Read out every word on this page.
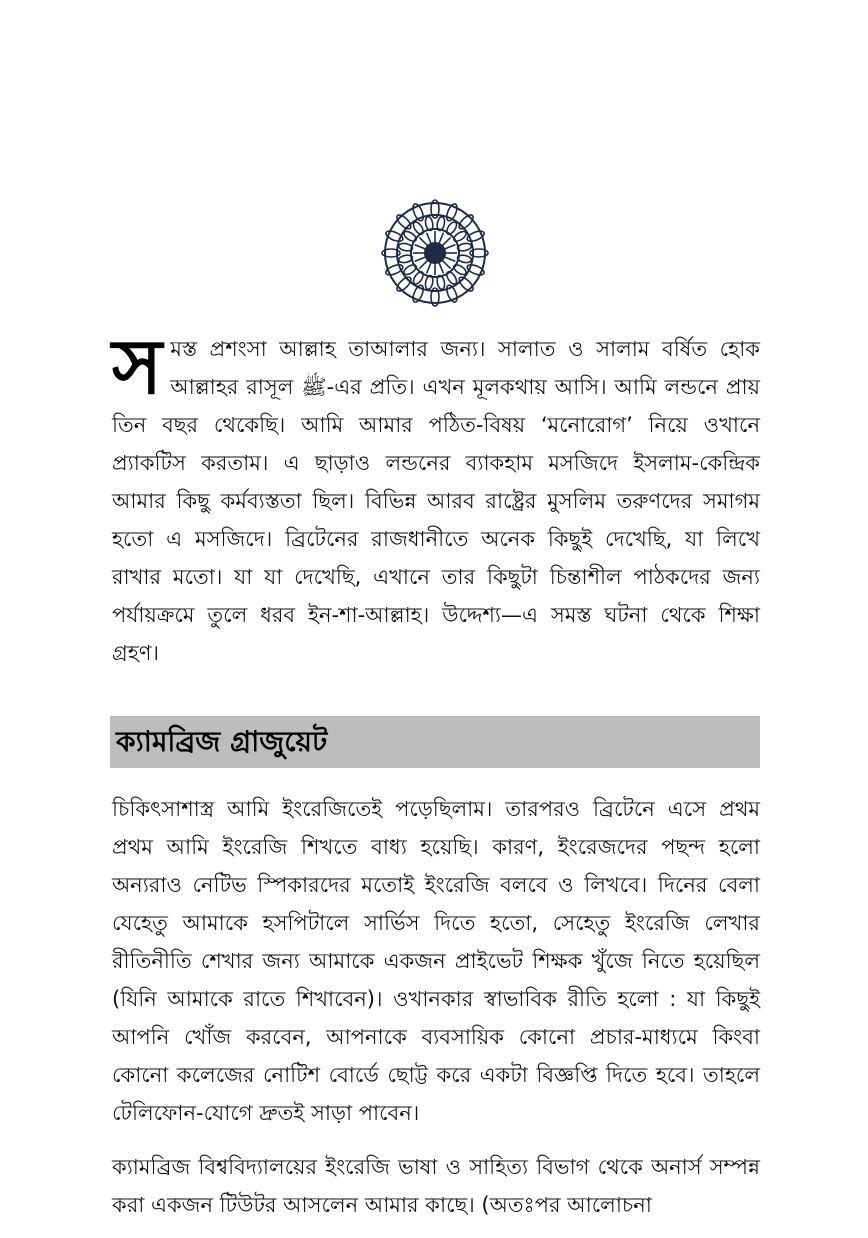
স মস্ত প্রশংসা আল্লাহ তাআলার জন্য। সালাত ও সালাম বর্ষিত হোক আল্লাহর রাসূল ﷺ-এর প্রতি। এখন মূলকথায় আসি। আমি লন্ডনে প্রায় তিন বছর থেকেছি। আমি আমার পঠিত-বিষয় ‘মনোরোগ’ নিয়ে ওখানে প্র্যাকটিস করতাম। এ ছাড়াও লন্ডনের ব্যাকহাম মসজিদে ইসলাম-কেন্দ্রিক আমার কিছু কর্মব্যস্ততা ছিল। বিভিন্ন আরব রাষ্ট্রের মুসলিম তরুণদের সমাগম হতো এ মসজিদে। ব্রিটেনের রাজধানীতে অনেক কিছুই দেখেছি, যা লিখে রাখার মতো। যা যা দেখেছি, এখানে তার কিছুটা চিন্তাশীল পাঠকদের জন্য পর্যায়ক্রমে তুলে ধরব ইন-শা-আল্লাহ। উদ্দেশ্য—এ সমস্ত ঘটনা থেকে শিক্ষা গ্রহণ।

ক্যামব্রিজ গ্রাজুয়েট

চিকিৎসাশাস্ত্র আমি ইংরেজিতেই পড়েছিলাম। তারপরও ব্রিটেনে এসে প্রথম প্রথম আমি ইংরেজি শিখতে বাধ্য হয়েছি। কারণ, ইংরেজদের পছন্দ হলো অন্যরাও নেটিভ স্পিকারদের মতোই ইংরেজি বলবে ও লিখবে। দিনের বেলা যেহেতু আমাকে হসপিটালে সার্ভিস দিতে হতো, সেহেতু ইংরেজি লেখার রীতিনীতি শেখার জন্য আমাকে একজন প্রাইভেট শিক্ষক খুঁজে নিতে হয়েছিল (যিনি আমাকে রাতে শিখাবেন)। ওখানকার স্বাভাবিক রীতি হলো : যা কিছুই আপনি খোঁজ করবেন, আপনাকে ব্যবসায়িক কোনো প্রচার-মাধ্যমে কিংবা কোনো কলেজের নোটিশ বোর্ডে ছোট্ট করে একটা বিজ্ঞপ্তি দিতে হবে। তাহলে টেলিফোন-যোগে দ্রুতই সাড়া পাবেন।

ক্যামব্রিজ বিশ্ববিদ্যালয়ের ইংরেজি ভাষা ও সাহিত্য বিভাগ থেকে অনার্স সম্পন্ন করা একজন টিউটর আসলেন আমার কাছে। (অতঃপর আলোচনা
